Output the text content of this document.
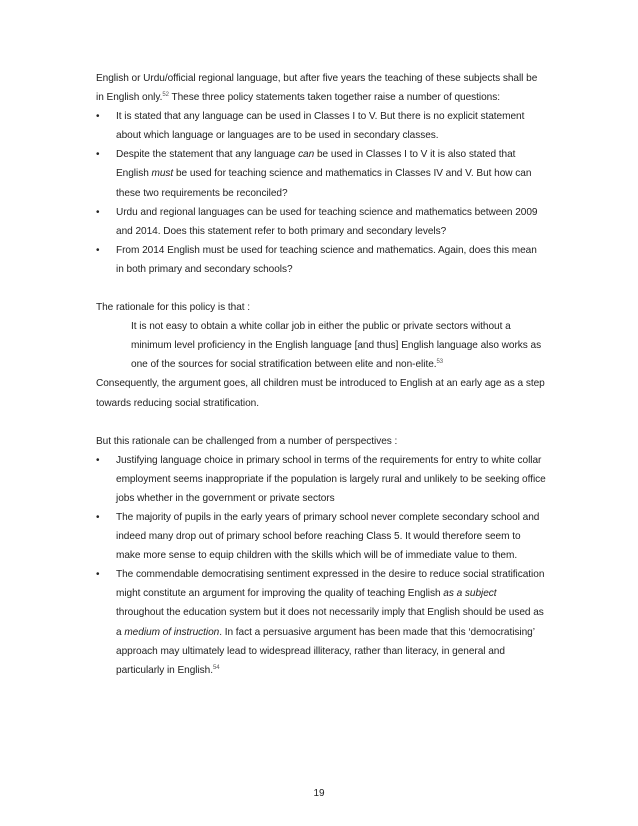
English or Urdu/official regional language, but after five years the teaching of these subjects shall be in English only.$^{52}$ These three policy statements taken together raise a number of questions:

• It is stated that any language can be used in Classes I to V. But there is no explicit statement about which language or languages are to be used in secondary classes.
• Despite the statement that any language can be used in Classes I to V it is also stated that English must be used for teaching science and mathematics in Classes IV and V. But how can these two requirements be reconciled?
• Urdu and regional languages can be used for teaching science and mathematics between 2009 and 2014. Does this statement refer to both primary and secondary levels?
• From 2014 English must be used for teaching science and mathematics. Again, does this mean in both primary and secondary schools?

The rationale for this policy is that :

It is not easy to obtain a white collar job in either the public or private sectors without a minimum level proficiency in the English language [and thus] English language also works as one of the sources for social stratification between elite and non-elite.$^{53}$

Consequently, the argument goes, all children must be introduced to English at an early age as a step towards reducing social stratification.

But this rationale can be challenged from a number of perspectives :

• Justifying language choice in primary school in terms of the requirements for entry to white collar employment seems inappropriate if the population is largely rural and unlikely to be seeking office jobs whether in the government or private sectors
• The majority of pupils in the early years of primary school never complete secondary school and indeed many drop out of primary school before reaching Class 5. It would therefore seem to make more sense to equip children with the skills which will be of immediate value to them.
• The commendable democratising sentiment expressed in the desire to reduce social stratification might constitute an argument for improving the quality of teaching English as a subject throughout the education system but it does not necessarily imply that English should be used as a medium of instruction. In fact a persuasive argument has been made that this ‘democratising’ approach may ultimately lead to widespread illiteracy, rather than literacy, in general and particularly in English.$^{54}$
19
